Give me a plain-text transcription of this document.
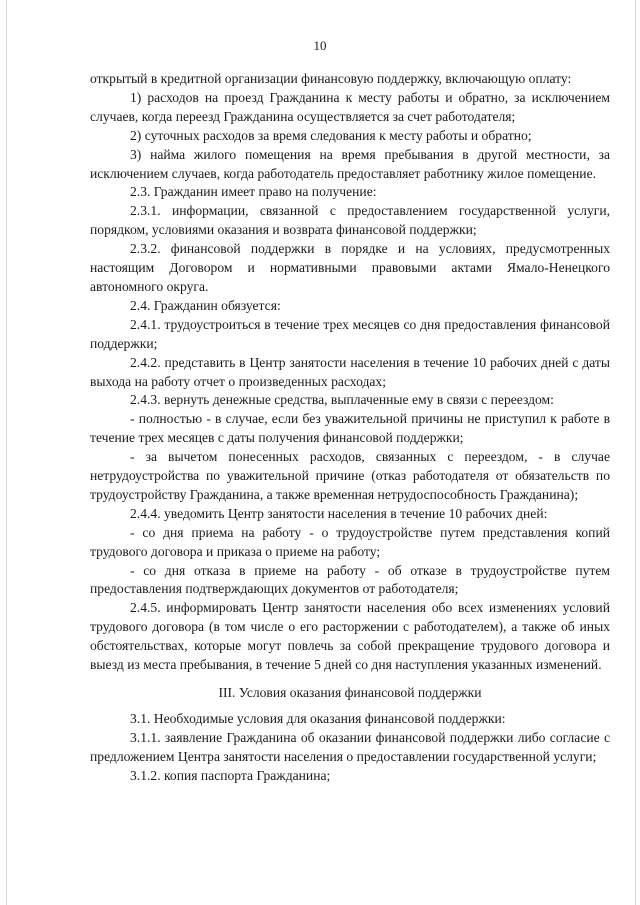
10

открытый в кредитной организации финансовую поддержку, включающую оплату:

1) расходов на проезд Гражданина к месту работы и обратно, за исключением случаев, когда переезд Гражданина осуществляется за счет работодателя;

2) суточных расходов за время следования к месту работы и обратно;

3) найма жилого помещения на время пребывания в другой местности, за исключением случаев, когда работодатель предоставляет работнику жилое помещение.

2.3. Гражданин имеет право на получение:

2.3.1. информации, связанной с предоставлением государственной услуги, порядком, условиями оказания и возврата финансовой поддержки;

2.3.2. финансовой поддержки в порядке и на условиях, предусмотренных настоящим Договором и нормативными правовыми актами Ямало-Ненецкого автономного округа.

2.4. Гражданин обязуется:

2.4.1. трудоустроиться в течение трех месяцев со дня предоставления финансовой поддержки;

2.4.2. представить в Центр занятости населения в течение 10 рабочих дней с даты выхода на работу отчет о произведенных расходах;

2.4.3. вернуть денежные средства, выплаченные ему в связи с переездом:

- полностью - в случае, если без уважительной причины не приступил к работе в течение трех месяцев с даты получения финансовой поддержки;

- за вычетом понесенных расходов, связанных с переездом, - в случае нетрудоустройства по уважительной причине (отказ работодателя от обязательств по трудоустройству Гражданина, а также временная нетрудоспособность Гражданина);

2.4.4. уведомить Центр занятости населения в течение 10 рабочих дней:

- со дня приема на работу - о трудоустройстве путем представления копий трудового договора и приказа о приеме на работу;

- со дня отказа в приеме на работу - об отказе в трудоустройстве путем предоставления подтверждающих документов от работодателя;

2.4.5. информировать Центр занятости населения обо всех изменениях условий трудового договора (в том числе о его расторжении с работодателем), а также об иных обстоятельствах, которые могут повлечь за собой прекращение трудового договора и выезд из места пребывания, в течение 5 дней со дня наступления указанных изменений.

III. Условия оказания финансовой поддержки

3.1. Необходимые условия для оказания финансовой поддержки:

3.1.1. заявление Гражданина об оказании финансовой поддержки либо согласие с предложением Центра занятости населения о предоставлении государственной услуги;

3.1.2. копия паспорта Гражданина;
